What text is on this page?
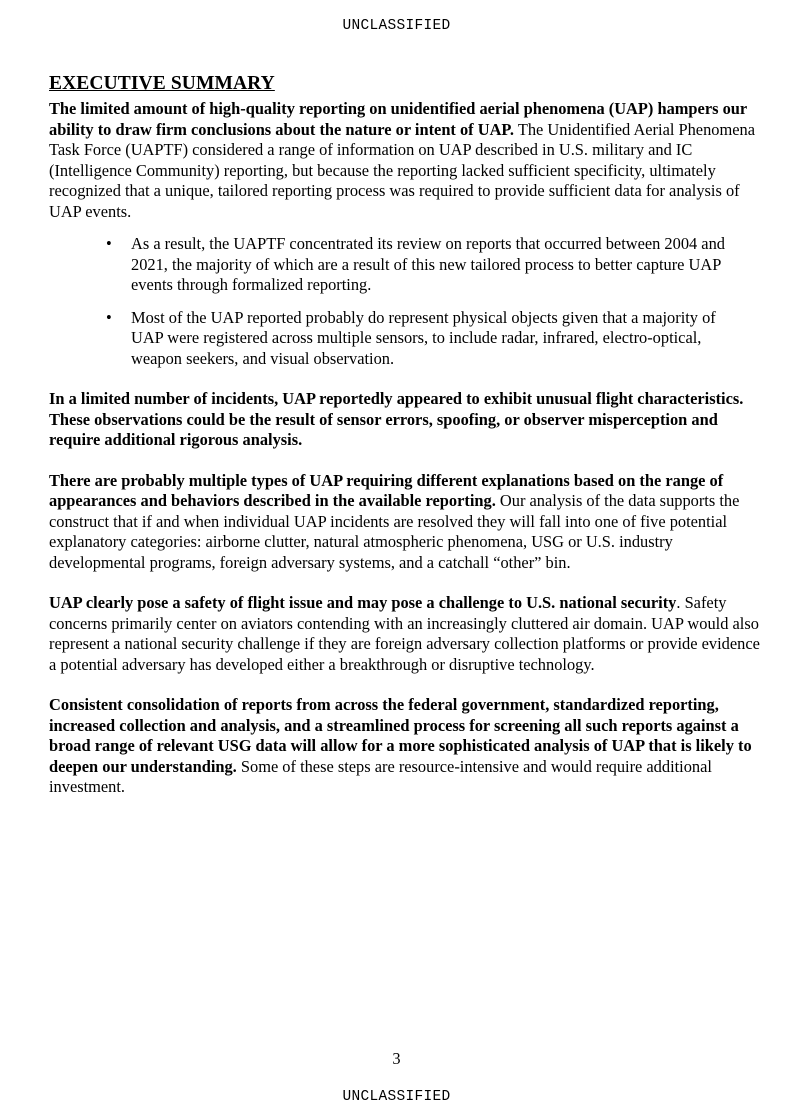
UNCLASSIFIED
EXECUTIVE SUMMARY

The limited amount of high-quality reporting on unidentified aerial phenomena (UAP) hampers our ability to draw firm conclusions about the nature or intent of UAP. The Unidentified Aerial Phenomena Task Force (UAPTF) considered a range of information on UAP described in U.S. military and IC (Intelligence Community) reporting, but because the reporting lacked sufficient specificity, ultimately recognized that a unique, tailored reporting process was required to provide sufficient data for analysis of UAP events.

• As a result, the UAPTF concentrated its review on reports that occurred between 2004 and 2021, the majority of which are a result of this new tailored process to better capture UAP events through formalized reporting.
• Most of the UAP reported probably do represent physical objects given that a majority of UAP were registered across multiple sensors, to include radar, infrared, electro-optical, weapon seekers, and visual observation.

In a limited number of incidents, UAP reportedly appeared to exhibit unusual flight characteristics. These observations could be the result of sensor errors, spoofing, or observer misperception and require additional rigorous analysis.

There are probably multiple types of UAP requiring different explanations based on the range of appearances and behaviors described in the available reporting. Our analysis of the data supports the construct that if and when individual UAP incidents are resolved they will fall into one of five potential explanatory categories: airborne clutter, natural atmospheric phenomena, USG or U.S. industry developmental programs, foreign adversary systems, and a catchall “other” bin.

UAP clearly pose a safety of flight issue and may pose a challenge to U.S. national security. Safety concerns primarily center on aviators contending with an increasingly cluttered air domain. UAP would also represent a national security challenge if they are foreign adversary collection platforms or provide evidence a potential adversary has developed either a breakthrough or disruptive technology.

Consistent consolidation of reports from across the federal government, standardized reporting, increased collection and analysis, and a streamlined process for screening all such reports against a broad range of relevant USG data will allow for a more sophisticated analysis of UAP that is likely to deepen our understanding. Some of these steps are resource-intensive and would require additional investment.

3
UNCLASSIFIED
